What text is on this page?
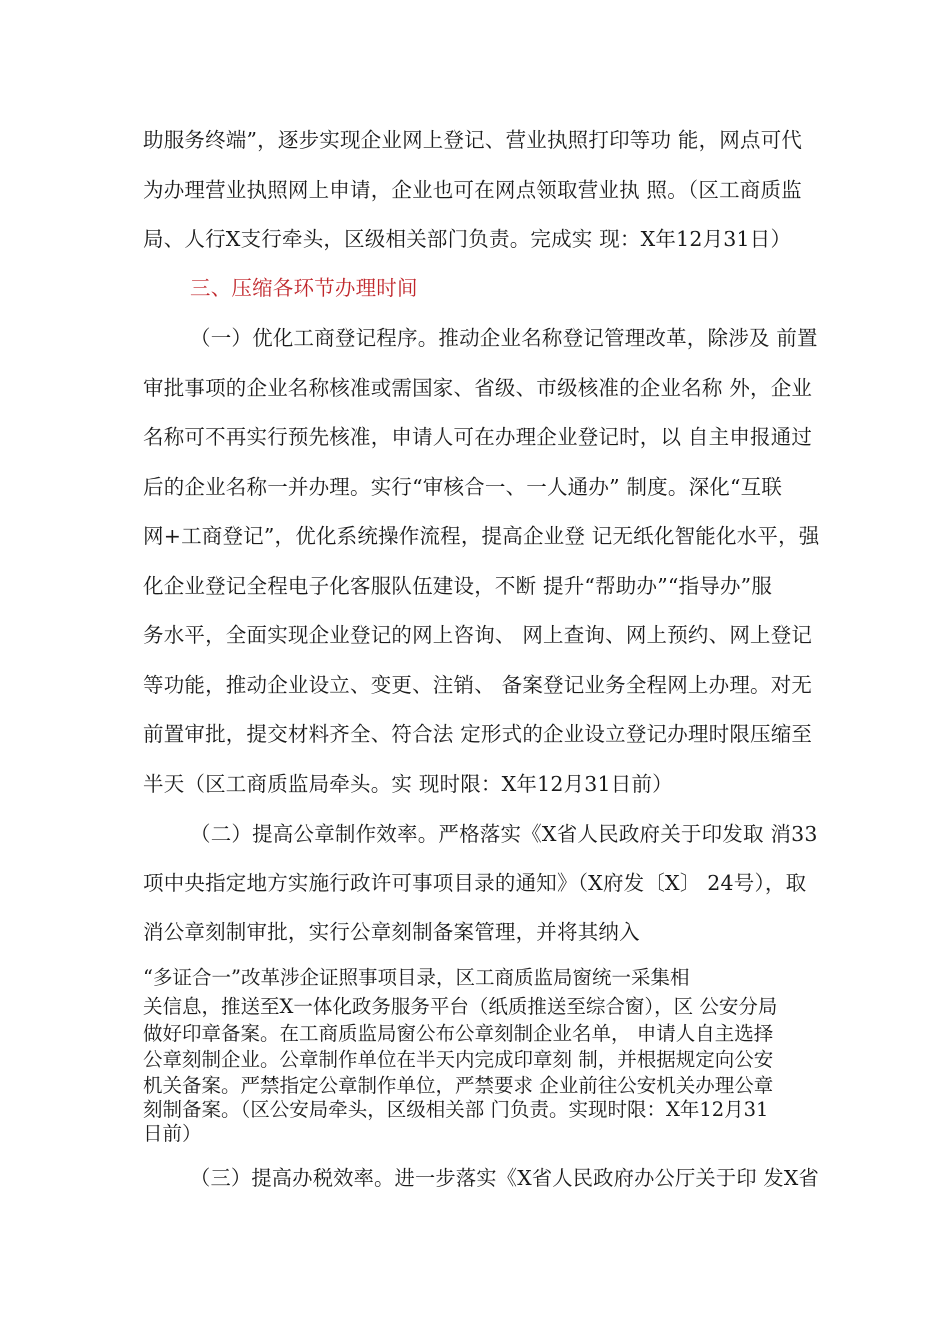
助服务终端”，逐步实现企业网上登记、营业执照打印等功 能，网点可代
为办理营业执照网上申请，企业也可在网点领取营业执 照。（区工商质监
局、人行X支行牵头，区级相关部门负责。完成实 现：X年12月31日）
三、压缩各环节办理时间
（一）优化工商登记程序。推动企业名称登记管理改革，除涉及 前置
审批事项的企业名称核准或需国家、省级、市级核准的企业名称 外，企业
名称可不再实行预先核准，申请人可在办理企业登记时，以 自主申报通过
后的企业名称一并办理。实行“审核合一、一人通办” 制度。深化“互联
网+工商登记”，优化系统操作流程，提高企业登 记无纸化智能化水平，强
化企业登记全程电子化客服队伍建设，不断 提升“帮助办”“指导办”服
务水平，全面实现企业登记的网上咨询、 网上查询、网上预约、网上登记
等功能，推动企业设立、变更、注销、 备案登记业务全程网上办理。对无
前置审批，提交材料齐全、符合法 定形式的企业设立登记办理时限压缩至
半天（区工商质监局牵头。实 现时限：X年12月31日前）
（二）提高公章制作效率。严格落实《X省人民政府关于印发取 消33
项中央指定地方实施行政许可事项目录的通知》（X府发〔X〕 24号），取
消公章刻制审批，实行公章刻制备案管理，并将其纳入
“多证合一”改革涉企证照事项目录，区工商质监局窗统一采集相
关信息，推送至X一体化政务服务平台（纸质推送至综合窗），区 公安分局
做好印章备案。在工商质监局窗公布公章刻制企业名单， 申请人自主选择
公章刻制企业。公章制作单位在半天内完成印章刻 制，并根据规定向公安
机关备案。严禁指定公章制作单位，严禁要求 企业前往公安机关办理公章
刻制备案。（区公安局牵头，区级相关部 门负责。实现时限：X年12月31
日前）
（三）提高办税效率。进一步落实《X省人民政府办公厅关于印 发X省
